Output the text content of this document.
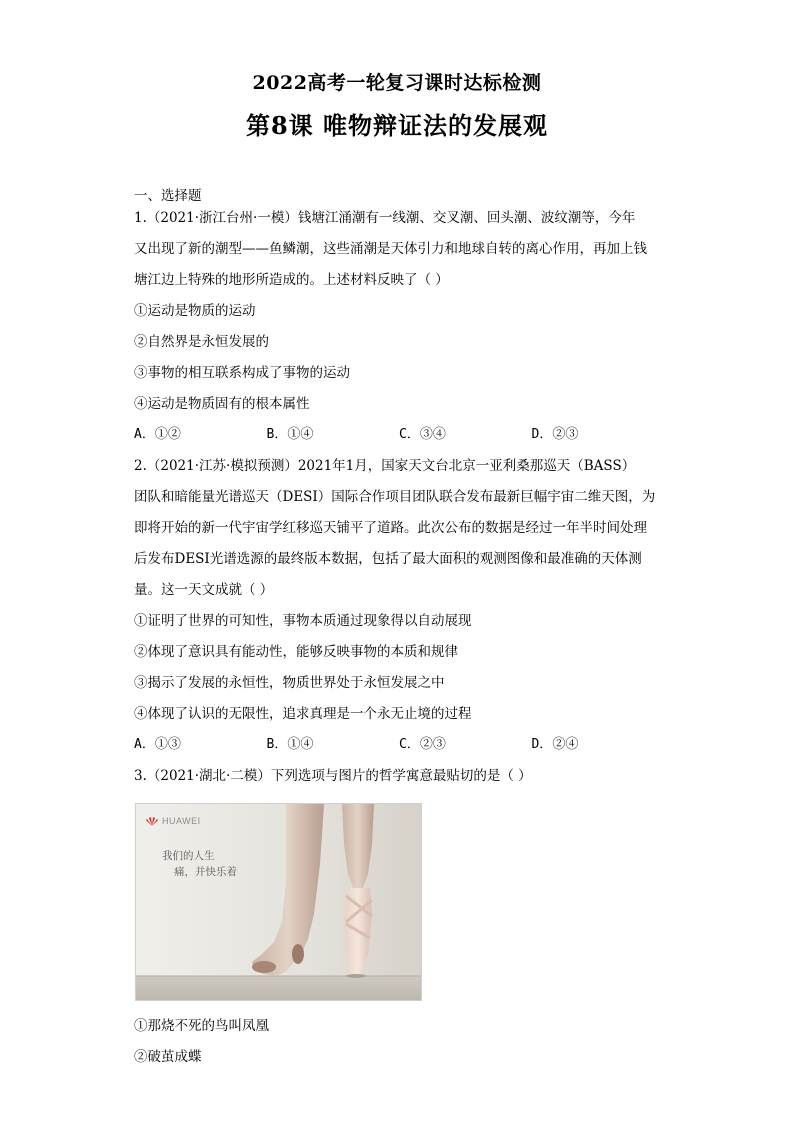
2022高考一轮复习课时达标检测
第8课 唯物辩证法的发展观
一、选择题
1.（2021·浙江台州·一模）钱塘江涌潮有一线潮、交叉潮、回头潮、波纹潮等，今年
又出现了新的潮型——鱼鳞潮，这些涌潮是天体引力和地球自转的离心作用，再加上钱
塘江边上特殊的地形所造成的。上述材料反映了（ ）
①运动是物质的运动
②自然界是永恒发展的
③事物的相互联系构成了事物的运动
④运动是物质固有的根本属性
A．①②	B．①④	C．③④	D．②③
2.（2021·江苏·模拟预测）2021年1月，国家天文台北京一亚利桑那巡天（BASS）
团队和暗能量光谱巡天（DESI）国际合作项目团队联合发布最新巨幅宇宙二维天图，为
即将开始的新一代宇宙学红移巡天铺平了道路。此次公布的数据是经过一年半时间处理
后发布DESI光谱选源的最终版本数据，包括了最大面积的观测图像和最准确的天体测
量。这一天文成就（ ）
①证明了世界的可知性，事物本质通过现象得以自动展现
②体现了意识具有能动性，能够反映事物的本质和规律
③揭示了发展的永恒性，物质世界处于永恒发展之中
④体现了认识的无限性，追求真理是一个永无止境的过程
A．①③	B．①④	C．②③	D．②④
3.（2021·湖北·二模）下列选项与图片的哲学寓意最贴切的是（ ）
HUAWEI
我们的人生
痛，并快乐着
①那烧不死的鸟叫凤凰
②破茧成蝶
